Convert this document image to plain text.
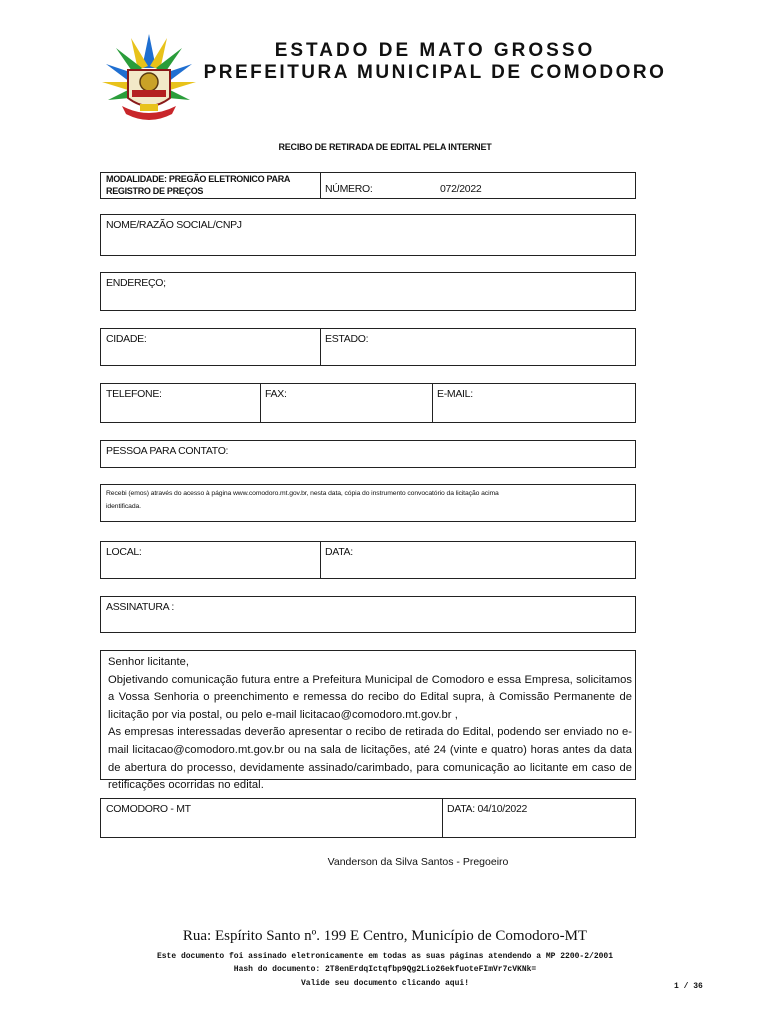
ESTADO DE MATO GROSSO
PREFEITURA MUNICIPAL DE COMODORO
RECIBO DE RETIRADA DE EDITAL PELA INTERNET
MODALIDADE: PREGÃO ELETRONICO PARA
REGISTRO DE PREÇOS	NÚMERO:	072/2022
NOME/RAZÃO SOCIAL/CNPJ
ENDEREÇO;
CIDADE:	ESTADO:
TELEFONE:	FAX:	E-MAIL:
PESSOA PARA CONTATO:
Recebi (emos) através do acesso à página www.comodoro.mt.gov.br, nesta data, cópia do instrumento convocatório da licitação acima
identificada.
LOCAL:	DATA:
ASSINATURA :

Senhor licitante,

Objetivando comunicação futura entre a Prefeitura Municipal de Comodoro e essa Empresa, solicitamos a Vossa Senhoria o preenchimento e remessa do recibo do Edital supra, à Comissão Permanente de licitação por via postal, ou pelo e-mail licitacao@comodoro.mt.gov.br ,

As empresas interessadas deverão apresentar o recibo de retirada do Edital, podendo ser enviado no e-mail licitacao@comodoro.mt.gov.br ou na sala de licitações, até 24 (vinte e quatro) horas antes da data de abertura do processo, devidamente assinado/carimbado, para comunicação ao licitante em caso de retificações ocorridas no edital.

COMODORO - MT	DATA: 04/10/2022
Vanderson da Silva Santos - Pregoeiro
Rua: Espírito Santo nº. 199 E Centro, Município de Comodoro-MT
Este documento foi assinado eletronicamente em todas as suas páginas atendendo a MP 2200-2/2001
Hash do documento: 2T8enErdqIctqfbp9Qg2Lio26ekfuoteFImVr7cVKNk=
Valide seu documento clicando aqui!	1 / 36
